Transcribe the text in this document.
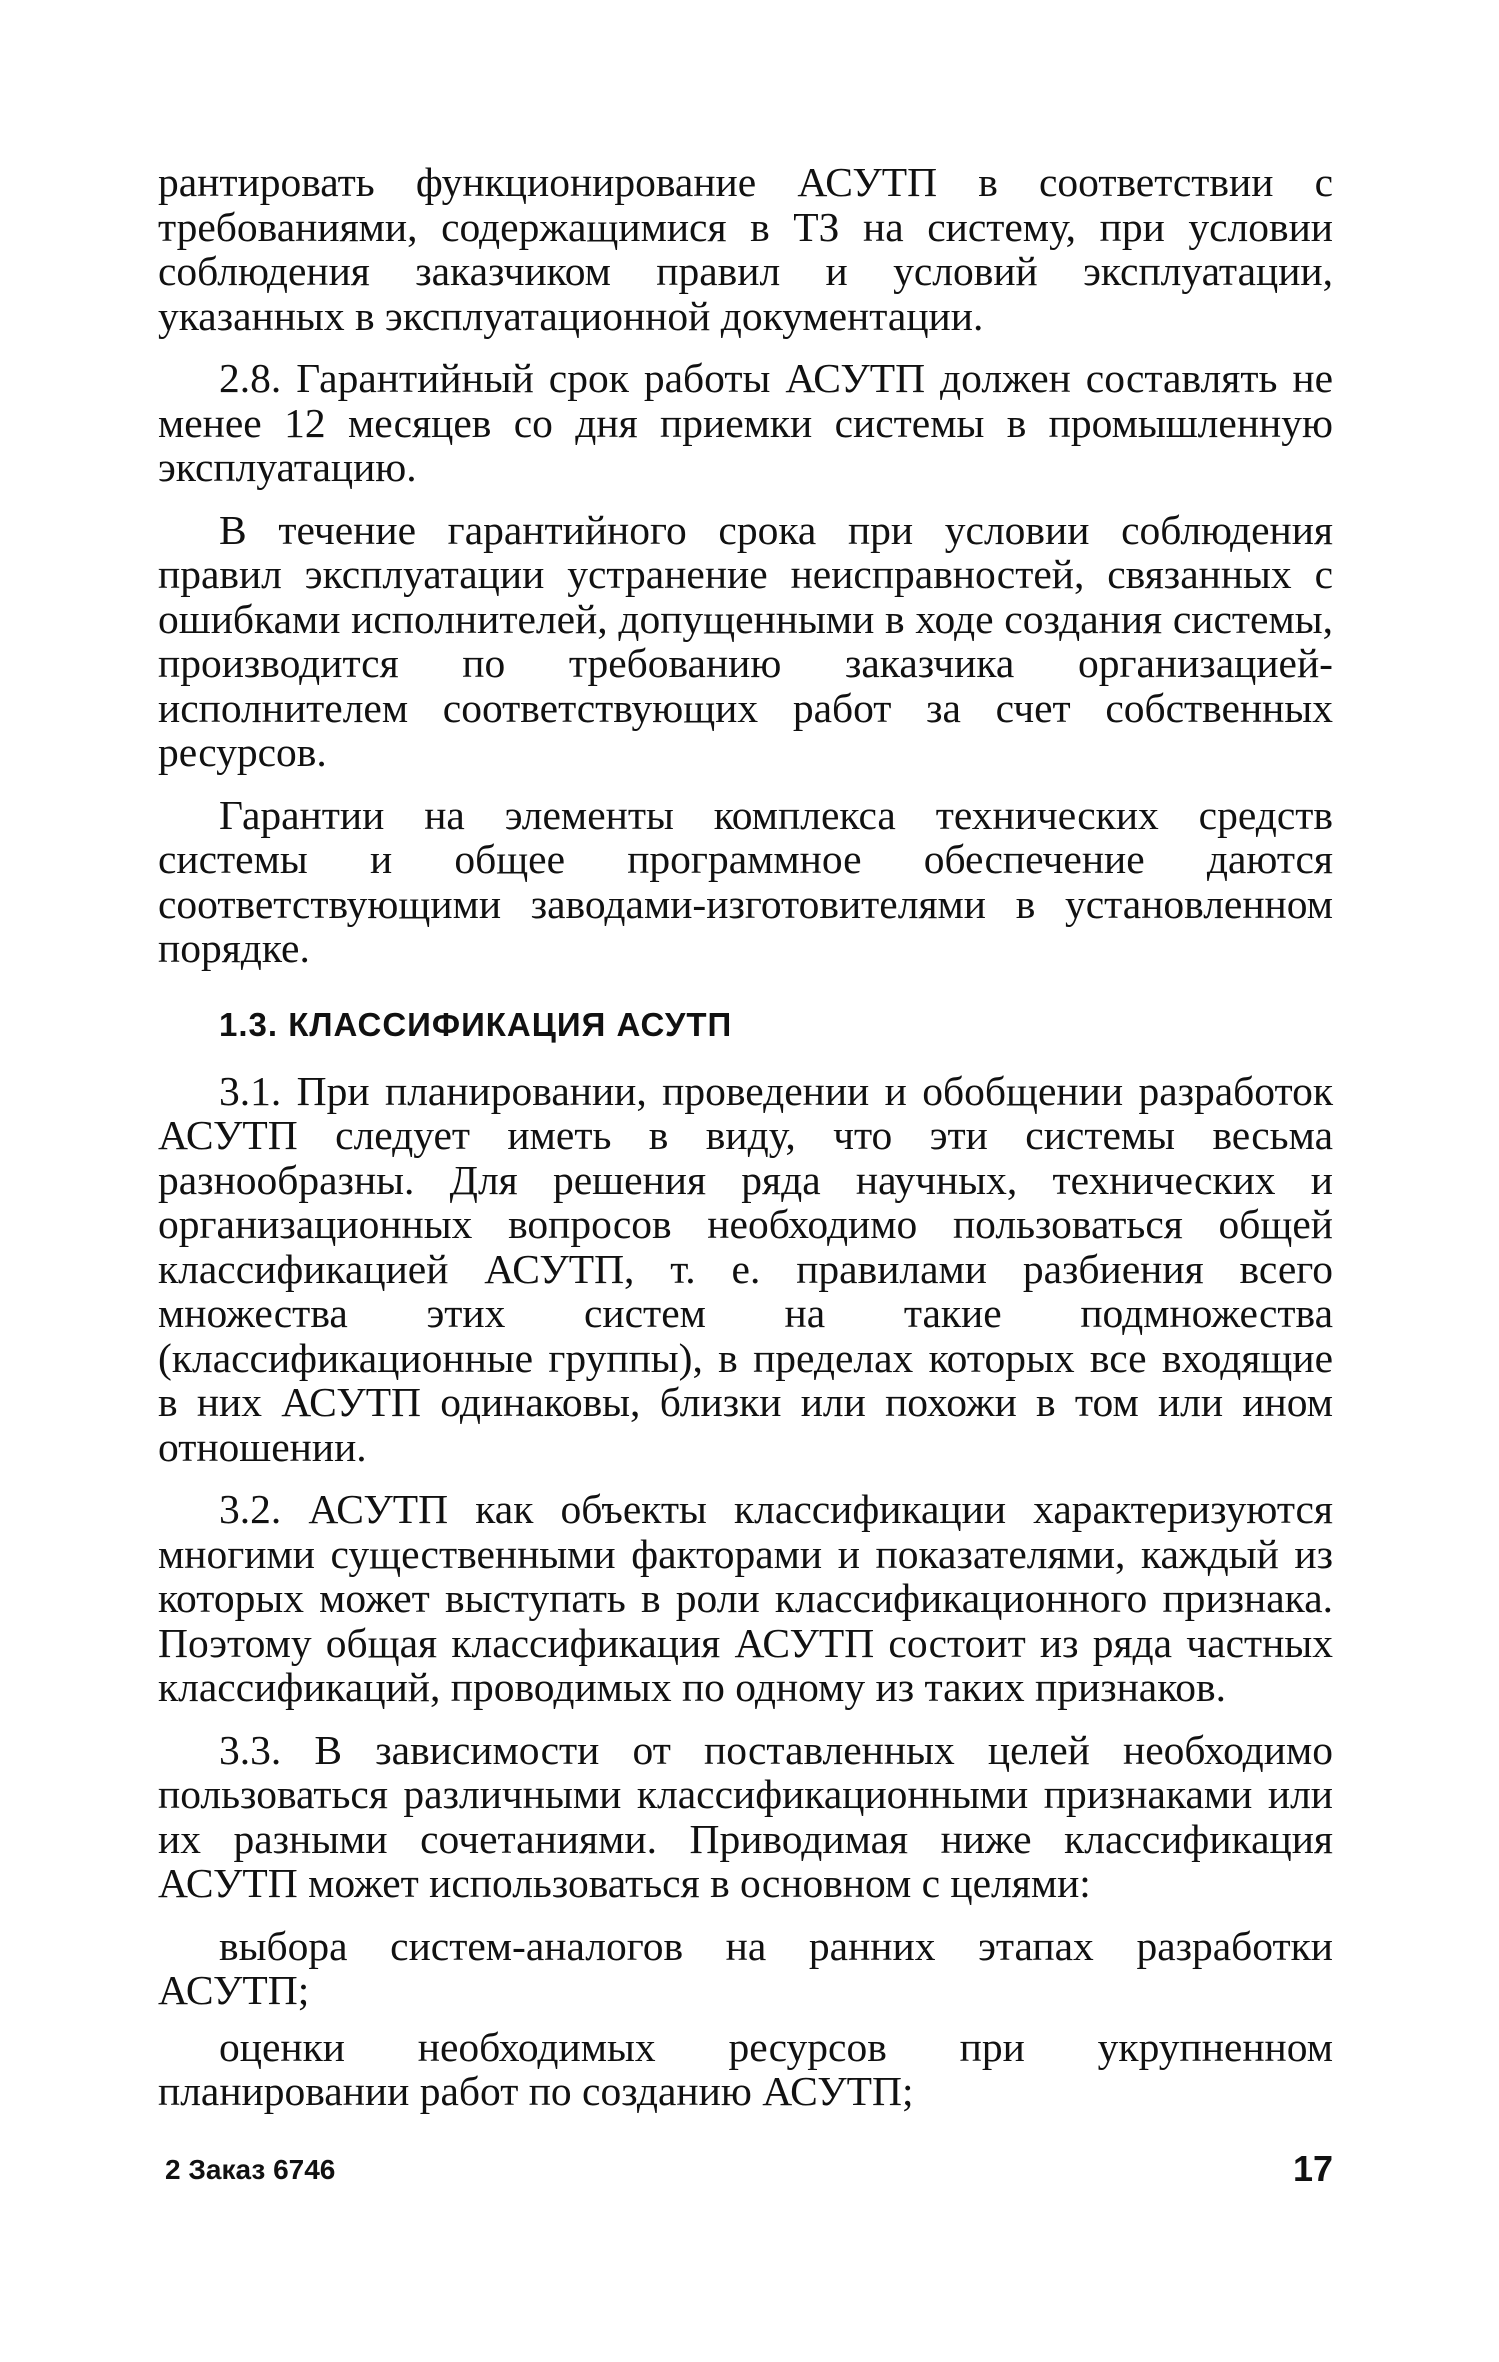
рантировать функционирование АСУТП в соответствии с требованиями, содержащимися в ТЗ на систему, при условии соблюдения заказчиком правил и условий эксплуатации, указанных в эксплуатационной документации.

2.8. Гарантийный срок работы АСУТП должен составлять не менее 12 месяцев со дня приемки системы в промышленную эксплуатацию.

В течение гарантийного срока при условии соблюдения правил эксплуатации устранение неисправностей, связанных с ошибками исполнителей, допущенными в ходе создания системы, производится по требованию заказчика организацией-исполнителем соответствующих работ за счет собственных ресурсов.

Гарантии на элементы комплекса технических средств системы и общее программное обеспечение даются соответствующими заводами-изготовителями в установленном порядке.

1.3. КЛАССИФИКАЦИЯ АСУТП

3.1. При планировании, проведении и обобщении разработок АСУТП следует иметь в виду, что эти системы весьма разнообразны. Для решения ряда научных, технических и организационных вопросов необходимо пользоваться общей классификацией АСУТП, т. е. правилами разбиения всего множества этих систем на такие подмножества (классификационные группы), в пределах которых все входящие в них АСУТП одинаковы, близки или похожи в том или ином отношении.

3.2. АСУТП как объекты классификации характеризуются многими существенными факторами и показателями, каждый из которых может выступать в роли классификационного признака. Поэтому общая классификация АСУТП состоит из ряда частных классификаций, проводимых по одному из таких признаков.

3.3. В зависимости от поставленных целей необходимо пользоваться различными классификационными признаками или их разными сочетаниями. Приводимая ниже классификация АСУТП может использоваться в основном с целями:

выбора систем-аналогов на ранних этапах разработки АСУТП;

оценки необходимых ресурсов при укрупненном планировании работ по созданию АСУТП;

2 Заказ 6746	17
